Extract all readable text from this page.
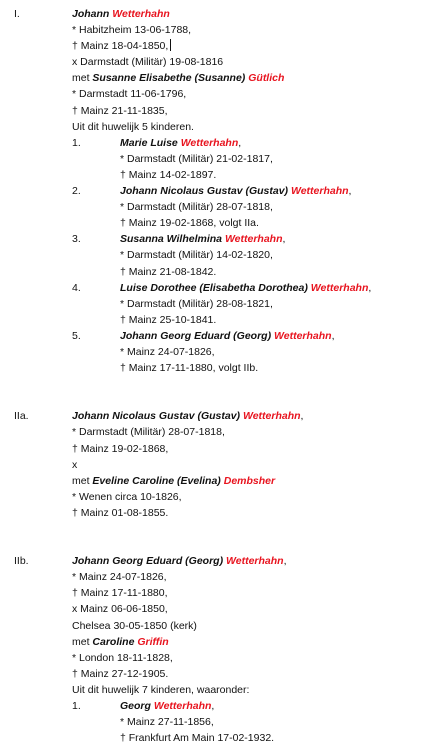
I.	Johann Wetterhahn
* Habitzheim 13-06-1788,
† Mainz 18-04-1850,
x Darmstadt (Militär) 19-08-1816
met Susanne Elisabethe (Susanne) Gütlich
* Darmstadt 11-06-1796,
† Mainz 21-11-1835,
Uit dit huwelijk 5 kinderen.
1.	Marie Luise Wetterhahn,
* Darmstadt (Militär) 21-02-1817,
† Mainz 14-02-1897.
2.	Johann Nicolaus Gustav (Gustav) Wetterhahn,
* Darmstadt (Militär) 28-07-1818,
† Mainz 19-02-1868, volgt IIa.
3.	Susanna Wilhelmina Wetterhahn,
* Darmstadt (Militär) 14-02-1820,
† Mainz 21-08-1842.
4.	Luise Dorothee (Elisabetha Dorothea) Wetterhahn,
* Darmstadt (Militär) 28-08-1821,
† Mainz 25-10-1841.
5.	Johann Georg Eduard (Georg) Wetterhahn,
* Mainz 24-07-1826,
† Mainz 17-11-1880, volgt IIb.
IIa.	Johann Nicolaus Gustav (Gustav) Wetterhahn,
* Darmstadt (Militär) 28-07-1818,
† Mainz 19-02-1868,
x
met Eveline Caroline (Evelina) Dembsher
* Wenen circa 10-1826,
† Mainz 01-08-1855.
IIb.	Johann Georg Eduard (Georg) Wetterhahn,
* Mainz 24-07-1826,
† Mainz 17-11-1880,
x Mainz 06-06-1850,
Chelsea 30-05-1850 (kerk)
met Caroline Griffin
* London 18-11-1828,
† Mainz 27-12-1905.
Uit dit huwelijk 7 kinderen, waaronder:
1.	Georg Wetterhahn,
* Mainz 27-11-1856,
† Frankfurt Am Main 17-02-1932.
